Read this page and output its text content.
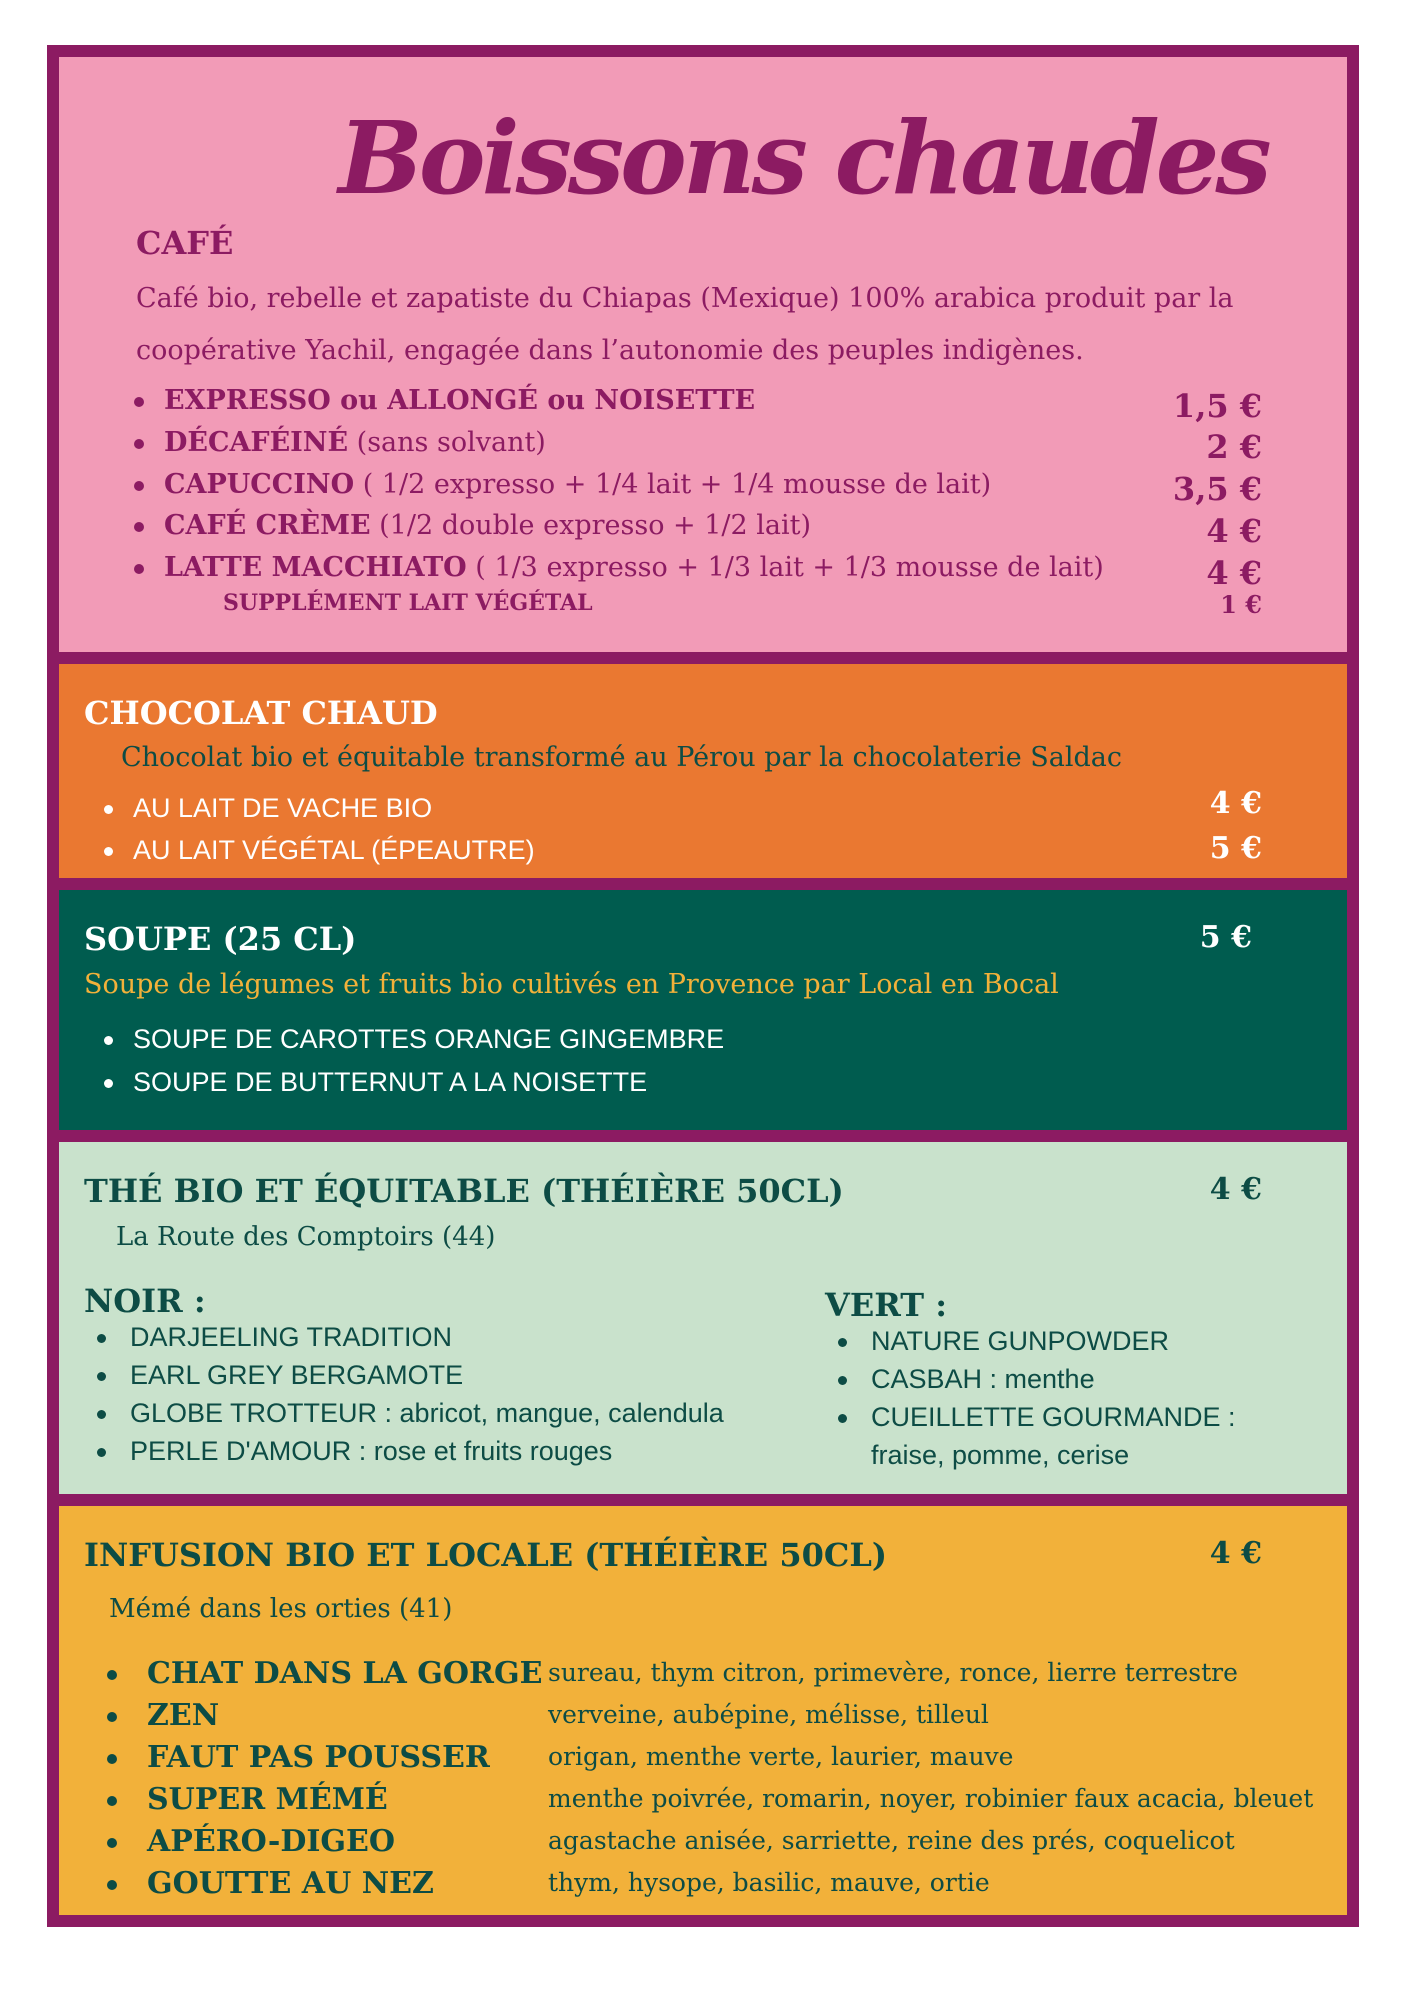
Boissons chaudes
CAFÉ
Café bio, rebelle et zapatiste du Chiapas (Mexique) 100% arabica produit par la coopérative Yachil, engagée dans l’autonomie des peuples indigènes.
EXPRESSO ou ALLONGÉ ou NOISETTE	1,5 €
DÉCAFÉINÉ (sans solvant)	2 €
CAPUCCINO ( 1/2 expresso + 1/4 lait + 1/4 mousse de lait)	3,5 €
CAFÉ CRÈME (1/2 double expresso + 1/2 lait)	4 €
LATTE MACCHIATO ( 1/3 expresso + 1/3 lait + 1/3 mousse de lait)	4 €
SUPPLÉMENT LAIT VÉGÉTAL	1 €
CHOCOLAT CHAUD
Chocolat bio et équitable transformé au Pérou par la chocolaterie Saldac
AU LAIT DE VACHE BIO	4 €
AU LAIT VÉGÉTAL (ÉPEAUTRE)	5 €
SOUPE (25 CL)	5 €
Soupe de légumes et fruits bio cultivés en Provence par Local en Bocal
SOUPE DE CAROTTES ORANGE GINGEMBRE
SOUPE DE BUTTERNUT A LA NOISETTE
THÉ BIO ET ÉQUITABLE (THÉIÈRE 50CL)	4 €
La Route des Comptoirs (44)
NOIR :
DARJEELING TRADITION
EARL GREY BERGAMOTE
GLOBE TROTTEUR : abricot, mangue, calendula
PERLE D'AMOUR : rose et fruits rouges
VERT :
NATURE GUNPOWDER
CASBAH : menthe
CUEILLETTE GOURMANDE :
fraise, pomme, cerise
INFUSION BIO ET LOCALE (THÉIÈRE 50CL)	4 €
Mémé dans les orties (41)
CHAT DANS LA GORGE sureau, thym citron, primevère, ronce, lierre terrestre
ZEN	verveine, aubépine, mélisse, tilleul
FAUT PAS POUSSER origan, menthe verte, laurier, mauve
SUPER MÉMÉ	menthe poivrée, romarin, noyer, robinier faux acacia, bleuet
APÉRO-DIGEO	agastache anisée, sarriette, reine des prés, coquelicot
GOUTTE AU NEZ	thym, hysope, basilic, mauve, ortie
